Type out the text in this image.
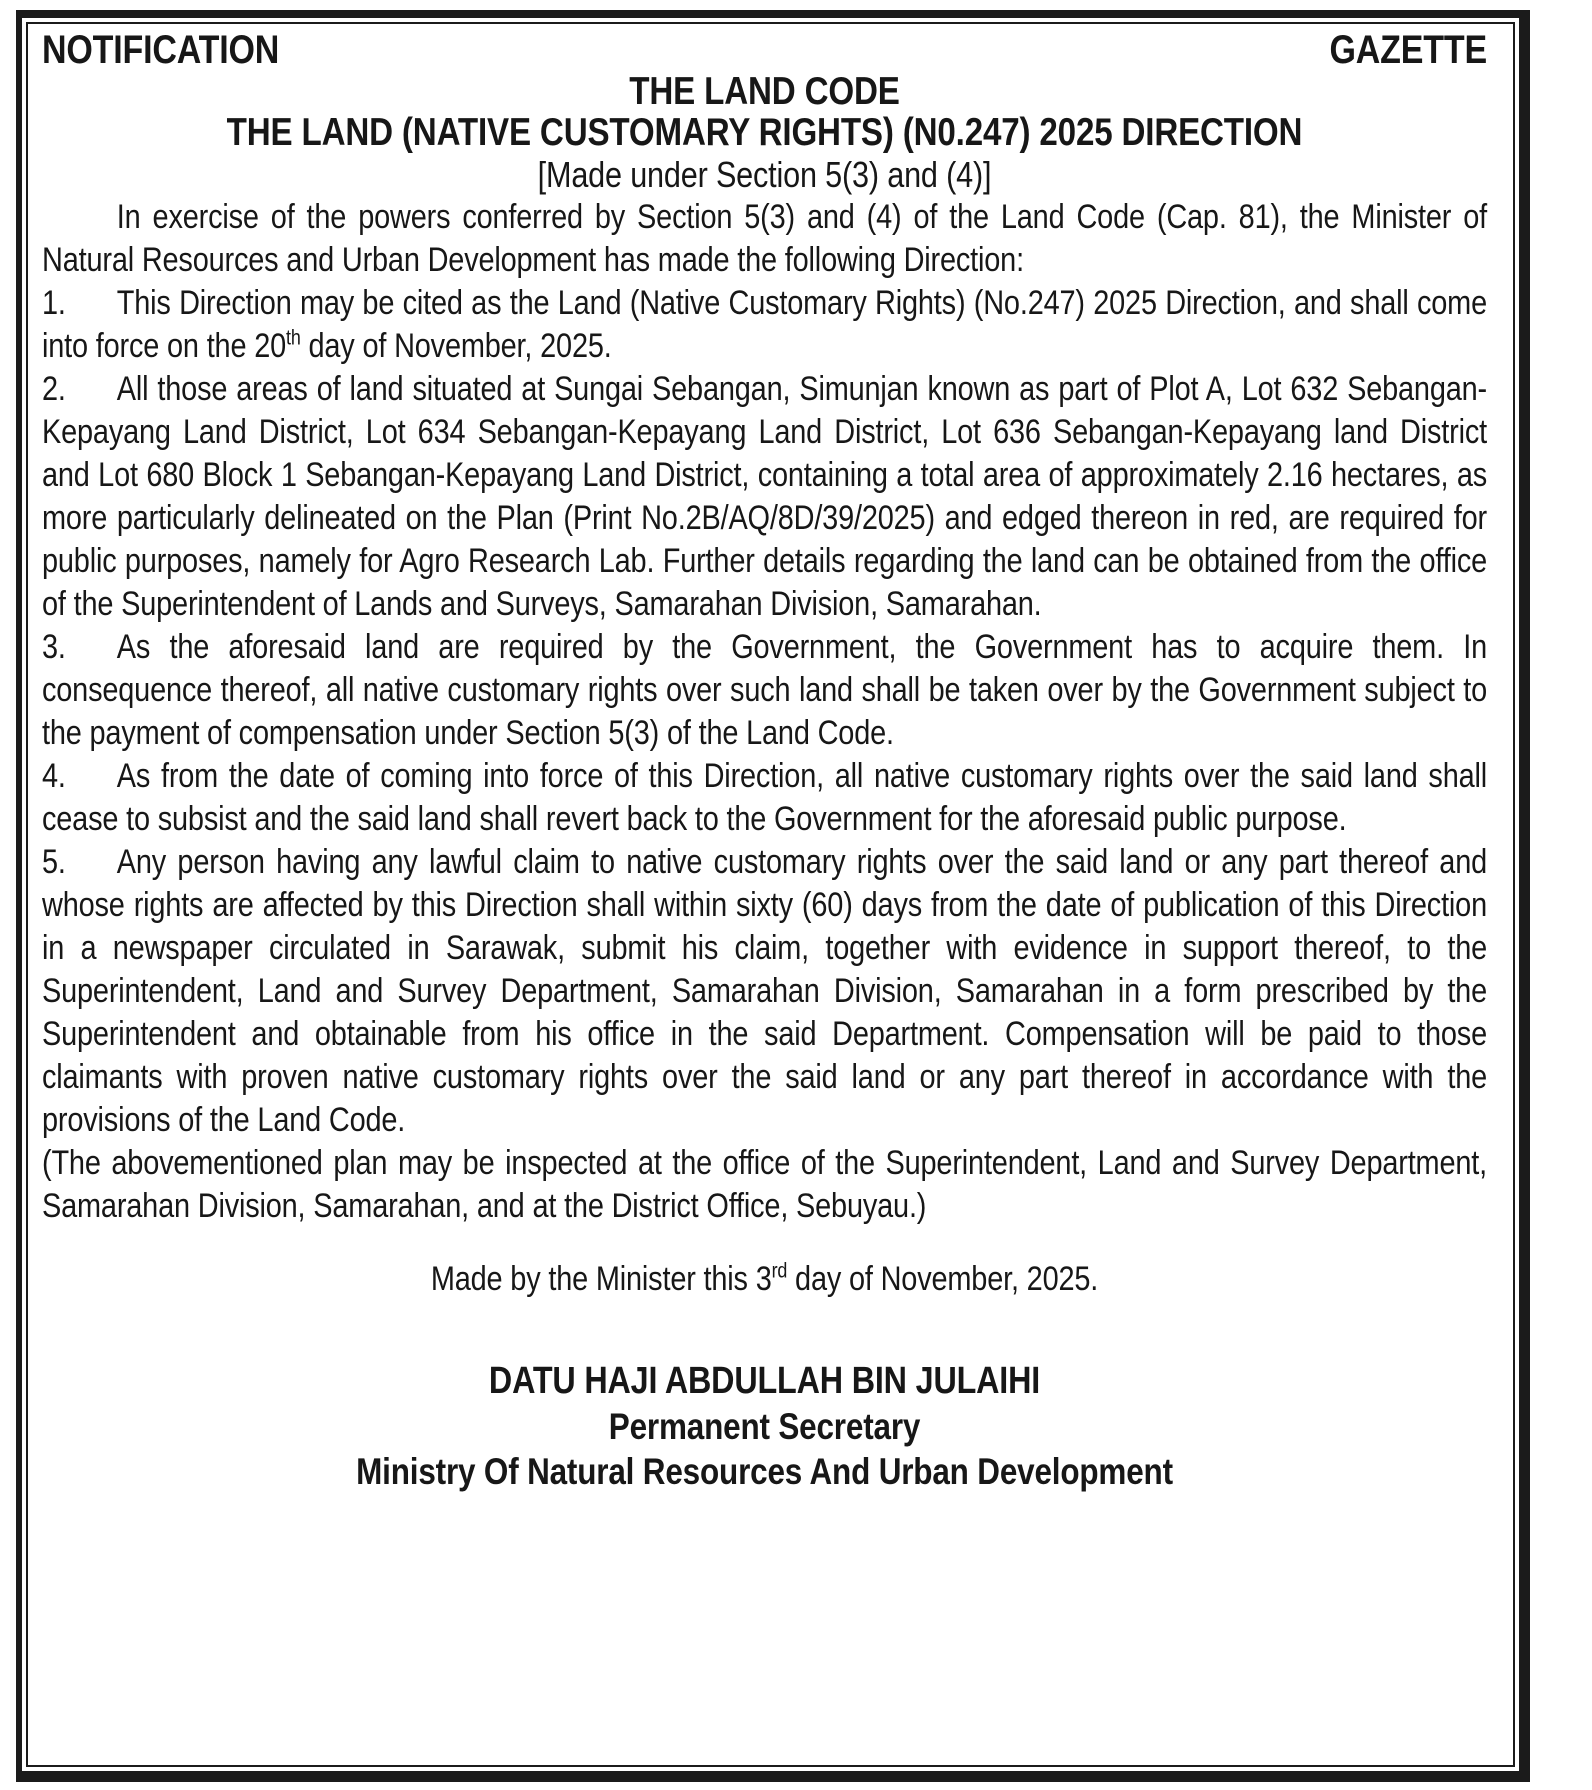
NOTIFICATION	GAZETTE

THE LAND CODE

THE LAND (NATIVE CUSTOMARY RIGHTS) (N0.247) 2025 DIRECTION

[Made under Section 5(3) and (4)]

In exercise of the powers conferred by Section 5(3) and (4) of the Land Code (Cap. 81), the Minister of Natural Resources and Urban Development has made the following Direction:

1. This Direction may be cited as the Land (Native Customary Rights) (No.247) 2025 Direction, and shall come into force on the 20th day of November, 2025.

2. All those areas of land situated at Sungai Sebangan, Simunjan known as part of Plot A, Lot 632 Sebangan-Kepayang Land District, Lot 634 Sebangan-Kepayang Land District, Lot 636 Sebangan-Kepayang land District and Lot 680 Block 1 Sebangan-Kepayang Land District, containing a total area of approximately 2.16 hectares, as more particularly delineated on the Plan (Print No.2B/AQ/8D/39/2025) and edged thereon in red, are required for public purposes, namely for Agro Research Lab. Further details regarding the land can be obtained from the office of the Superintendent of Lands and Surveys, Samarahan Division, Samarahan.

3. As the aforesaid land are required by the Government, the Government has to acquire them. In consequence thereof, all native customary rights over such land shall be taken over by the Government subject to the payment of compensation under Section 5(3) of the Land Code.

4. As from the date of coming into force of this Direction, all native customary rights over the said land shall cease to subsist and the said land shall revert back to the Government for the aforesaid public purpose.

5. Any person having any lawful claim to native customary rights over the said land or any part thereof and whose rights are affected by this Direction shall within sixty (60) days from the date of publication of this Direction in a newspaper circulated in Sarawak, submit his claim, together with evidence in support thereof, to the Superintendent, Land and Survey Department, Samarahan Division, Samarahan in a form prescribed by the Superintendent and obtainable from his office in the said Department. Compensation will be paid to those claimants with proven native customary rights over the said land or any part thereof in accordance with the provisions of the Land Code.

(The abovementioned plan may be inspected at the office of the Superintendent, Land and Survey Department, Samarahan Division, Samarahan, and at the District Office, Sebuyau.)

Made by the Minister this 3rd day of November, 2025.

DATU HAJI ABDULLAH BIN JULAIHI

Permanent Secretary

Ministry Of Natural Resources And Urban Development
